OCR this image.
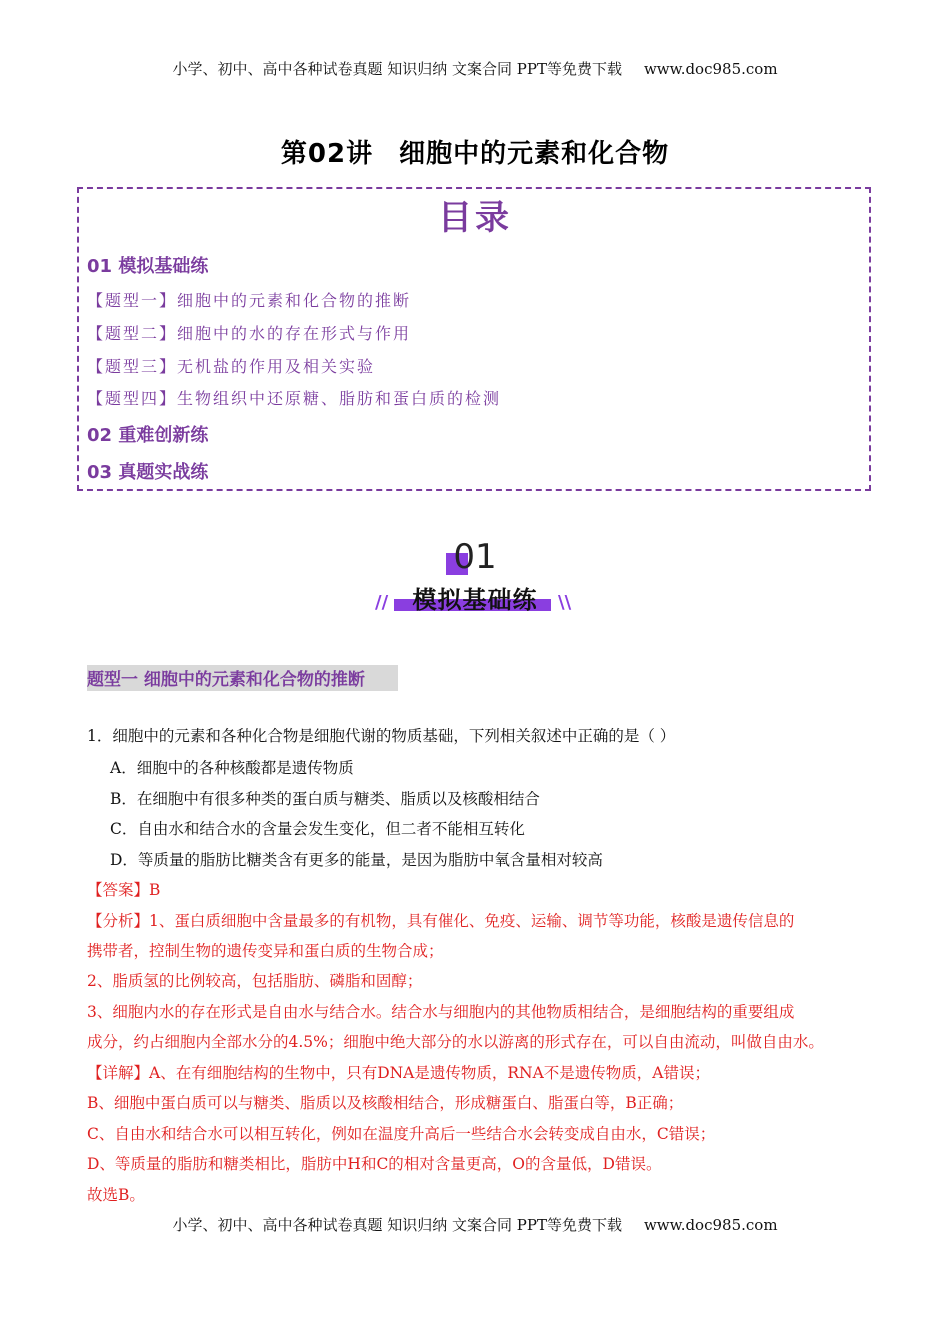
小学、初中、高中各种试卷真题 知识归纳 文案合同 PPT等免费下载 www.doc985.com
第02讲 细胞中的元素和化合物
目录
01 模拟基础练
【题型一】细胞中的元素和化合物的推断
【题型二】细胞中的水的存在形式与作用
【题型三】无机盐的作用及相关实验
【题型四】生物组织中还原糖、脂肪和蛋白质的检测
02 重难创新练
03 真题实战练
01
模拟基础练
//	\\
题型一 细胞中的元素和化合物的推断
1．细胞中的元素和各种化合物是细胞代谢的物质基础，下列相关叙述中正确的是（ ）
A．细胞中的各种核酸都是遗传物质
B．在细胞中有很多种类的蛋白质与糖类、脂质以及核酸相结合
C．自由水和结合水的含量会发生变化，但二者不能相互转化
D．等质量的脂肪比糖类含有更多的能量，是因为脂肪中氧含量相对较高
【答案】B
【分析】1、蛋白质细胞中含量最多的有机物，具有催化、免疫、运输、调节等功能，核酸是遗传信息的
携带者，控制生物的遗传变异和蛋白质的生物合成；
2、脂质氢的比例较高，包括脂肪、磷脂和固醇；
3、细胞内水的存在形式是自由水与结合水。结合水与细胞内的其他物质相结合，是细胞结构的重要组成
成分，约占细胞内全部水分的4.5%；细胞中绝大部分的水以游离的形式存在，可以自由流动，叫做自由水。
【详解】A、在有细胞结构的生物中，只有DNA是遗传物质，RNA不是遗传物质，A错误；
B、细胞中蛋白质可以与糖类、脂质以及核酸相结合，形成糖蛋白、脂蛋白等，B正确；
C、自由水和结合水可以相互转化，例如在温度升高后一些结合水会转变成自由水，C错误；
D、等质量的脂肪和糖类相比，脂肪中H和C的相对含量更高，O的含量低，D错误。
故选B。
小学、初中、高中各种试卷真题 知识归纳 文案合同 PPT等免费下载 www.doc985.com
